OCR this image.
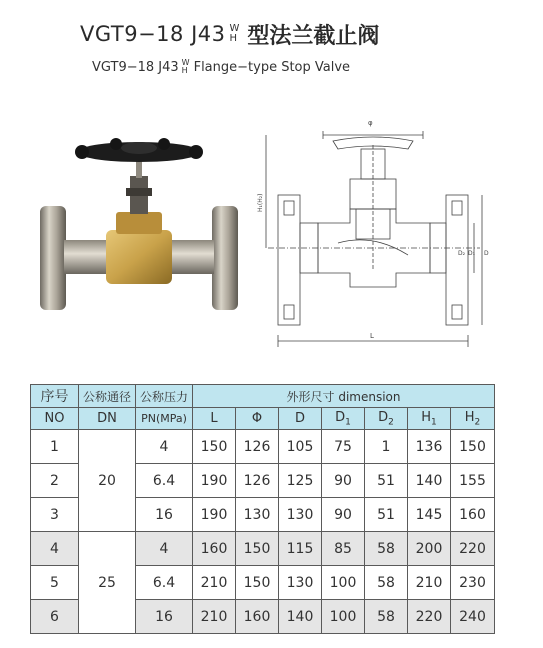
VGT9−18 J43 W
H 型法兰截止阀
VGT9−18 J43 W
H Flange−type Stop Valve
φ
L
H₁(H₂)
D
D₁
D₂
序号	公称通径	公称压力	外形尺寸 dimension						
NO	DN	PN(MPa)	L	Φ	D	$D_1$	$D_2$	$H_1$	$H_2$
1	20	4	150	126	105	75	1	136	150
2		6.4	190	126	125	90	51	140	155
3		16	190	130	130	90	51	145	160
4	25	4	160	150	115	85	58	200	220
5		6.4	210	150	130	100	58	210	230
6		16	210	160	140	100	58	220	240
